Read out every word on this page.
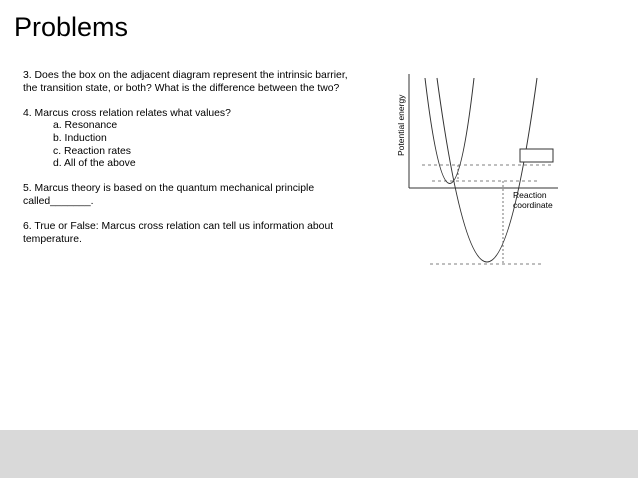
Problems
3. Does the box on the adjacent diagram represent the intrinsic barrier,
the transition state, or both? What is the difference between the two?
4. Marcus cross relation relates what values?
a. Resonance
b. Induction
c. Reaction rates
d. All of the above
5. Marcus theory is based on the quantum mechanical principle
called_______.
6. True or False: Marcus cross relation can tell us information about
temperature.
Potential energy
Reaction
coordinate
